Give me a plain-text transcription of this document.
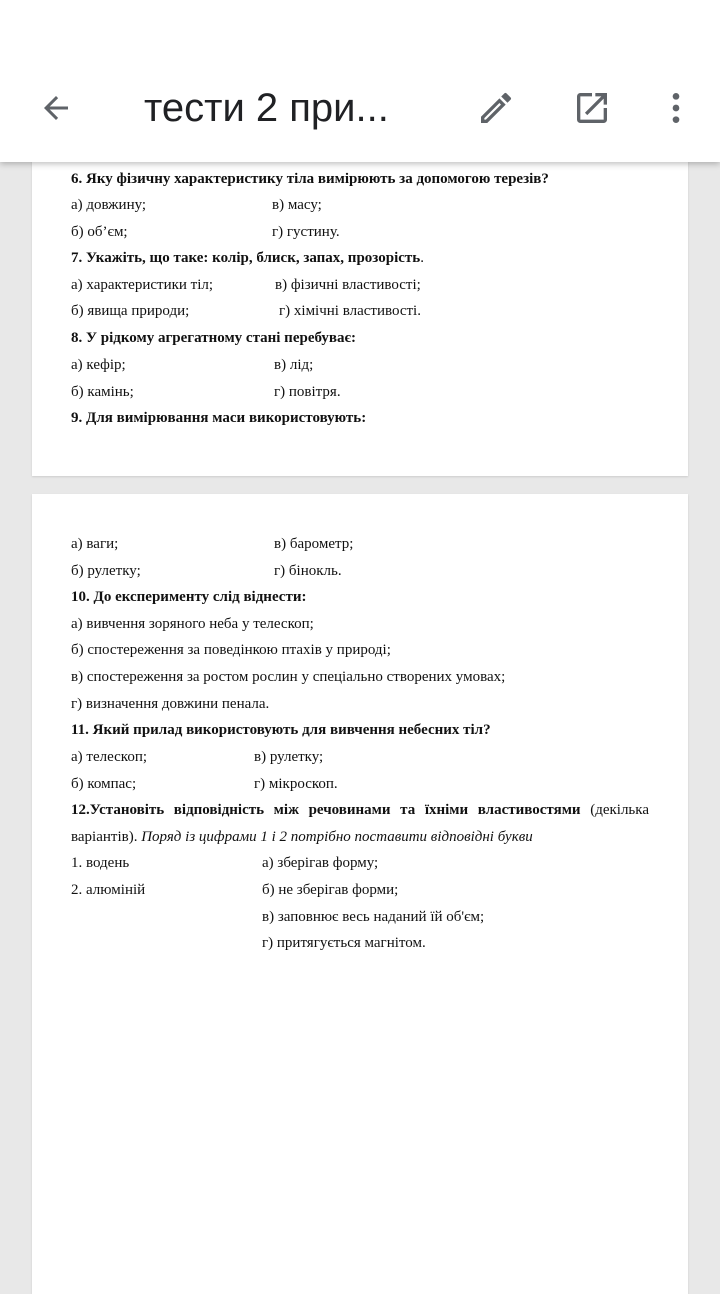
тести 2 при...
6. Яку фізичну характеристику тіла вимірюють за допомогою терезів?
а) довжину;	в) масу;
б) об’єм;	г) густину.
7. Укажіть, що таке: колір, блиск, запах, прозорість.
а) характеристики тіл;	в) фізичні властивості;
б) явища природи;	г) хімічні властивості.
8. У рідкому агрегатному стані перебуває:
а) кефір;	в) лід;
б) камінь;	г) повітря.
9. Для вимірювання маси використовують:
а) ваги;	в) барометр;
б) рулетку;	г) бінокль.
10. До експерименту слід віднести:
а) вивчення зоряного неба у телескоп;
б) спостереження за поведінкою птахів у природі;
в) спостереження за ростом рослин у спеціально створених умовах;
г) визначення довжини пенала.
11. Який прилад використовують для вивчення небесних тіл?
а) телескоп;	в) рулетку;
б) компас;	г) мікроскоп.
12.Установіть відповідність між речовинами та їхніми властивостями (декілька
варіантів). Поряд із цифрами 1 і 2 потрібно поставити відповідні букви
1. водень	а) зберігав форму;
2. алюміній	б) не зберігав форми;
в) заповнює весь наданий їй об'єм;
г) притягується магнітом.
